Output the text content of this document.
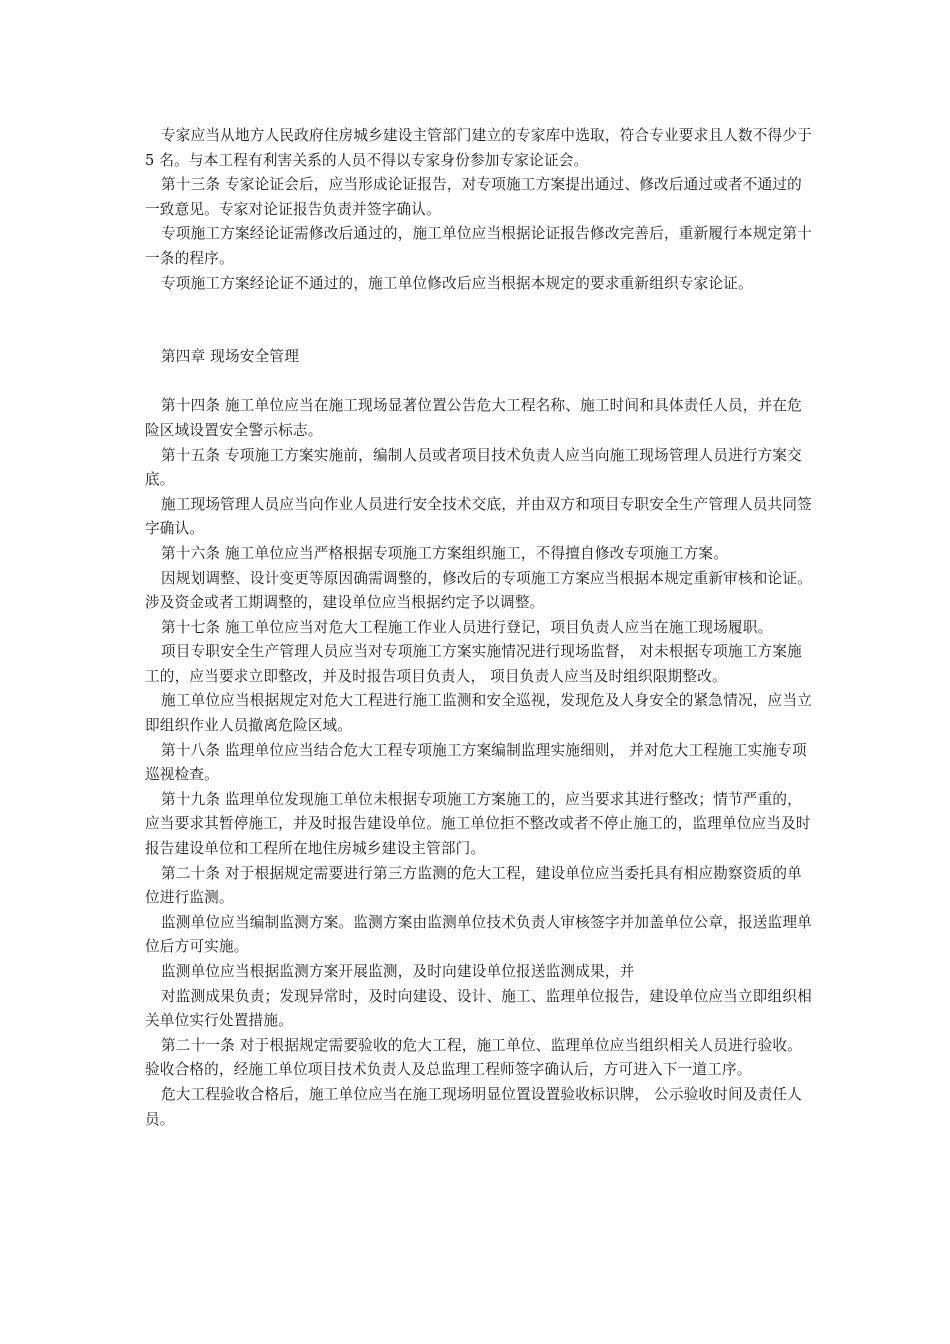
专家应当从地方人民政府住房城乡建设主管部门建立的专家库中选取，符合专业要求且人数不得少于 5 名。与本工程有利害关系的人员不得以专家身份参加专家论证会。

第十三条 专家论证会后，应当形成论证报告，对专项施工方案提出通过、修改后通过或者不通过的一致意见。专家对论证报告负责并签字确认。

专项施工方案经论证需修改后通过的，施工单位应当根据论证报告修改完善后，重新履行本规定第十一条的程序。

专项施工方案经论证不通过的，施工单位修改后应当根据本规定的要求重新组织专家论证。

第四章 现场安全管理

第十四条 施工单位应当在施工现场显著位置公告危大工程名称、施工时间和具体责任人员，并在危险区域设置安全警示标志。

第十五条 专项施工方案实施前，编制人员或者项目技术负责人应当向施工现场管理人员进行方案交底。

施工现场管理人员应当向作业人员进行安全技术交底，并由双方和项目专职安全生产管理人员共同签字确认。

第十六条 施工单位应当严格根据专项施工方案组织施工，不得擅自修改专项施工方案。

因规划调整、设计变更等原因确需调整的，修改后的专项施工方案应当根据本规定重新审核和论证。涉及资金或者工期调整的，建设单位应当根据约定予以调整。

第十七条 施工单位应当对危大工程施工作业人员进行登记，项目负责人应当在施工现场履职。

项目专职安全生产管理人员应当对专项施工方案实施情况进行现场监督， 对未根据专项施工方案施工的，应当要求立即整改，并及时报告项目负责人， 项目负责人应当及时组织限期整改。

施工单位应当根据规定对危大工程进行施工监测和安全巡视，发现危及人身安全的紧急情况，应当立即组织作业人员撤离危险区域。

第十八条 监理单位应当结合危大工程专项施工方案编制监理实施细则， 并对危大工程施工实施专项巡视检查。

第十九条 监理单位发现施工单位未根据专项施工方案施工的，应当要求其进行整改；情节严重的，应当要求其暂停施工，并及时报告建设单位。施工单位拒不整改或者不停止施工的，监理单位应当及时报告建设单位和工程所在地住房城乡建设主管部门。

第二十条 对于根据规定需要进行第三方监测的危大工程，建设单位应当委托具有相应勘察资质的单位进行监测。

监测单位应当编制监测方案。监测方案由监测单位技术负责人审核签字并加盖单位公章，报送监理单位后方可实施。

监测单位应当根据监测方案开展监测，及时向建设单位报送监测成果，并

对监测成果负责；发现异常时，及时向建设、设计、施工、监理单位报告，建设单位应当立即组织相关单位实行处置措施。

第二十一条 对于根据规定需要验收的危大工程，施工单位、监理单位应当组织相关人员进行验收。验收合格的，经施工单位项目技术负责人及总监理工程师签字确认后，方可进入下一道工序。

危大工程验收合格后，施工单位应当在施工现场明显位置设置验收标识牌， 公示验收时间及责任人员。
